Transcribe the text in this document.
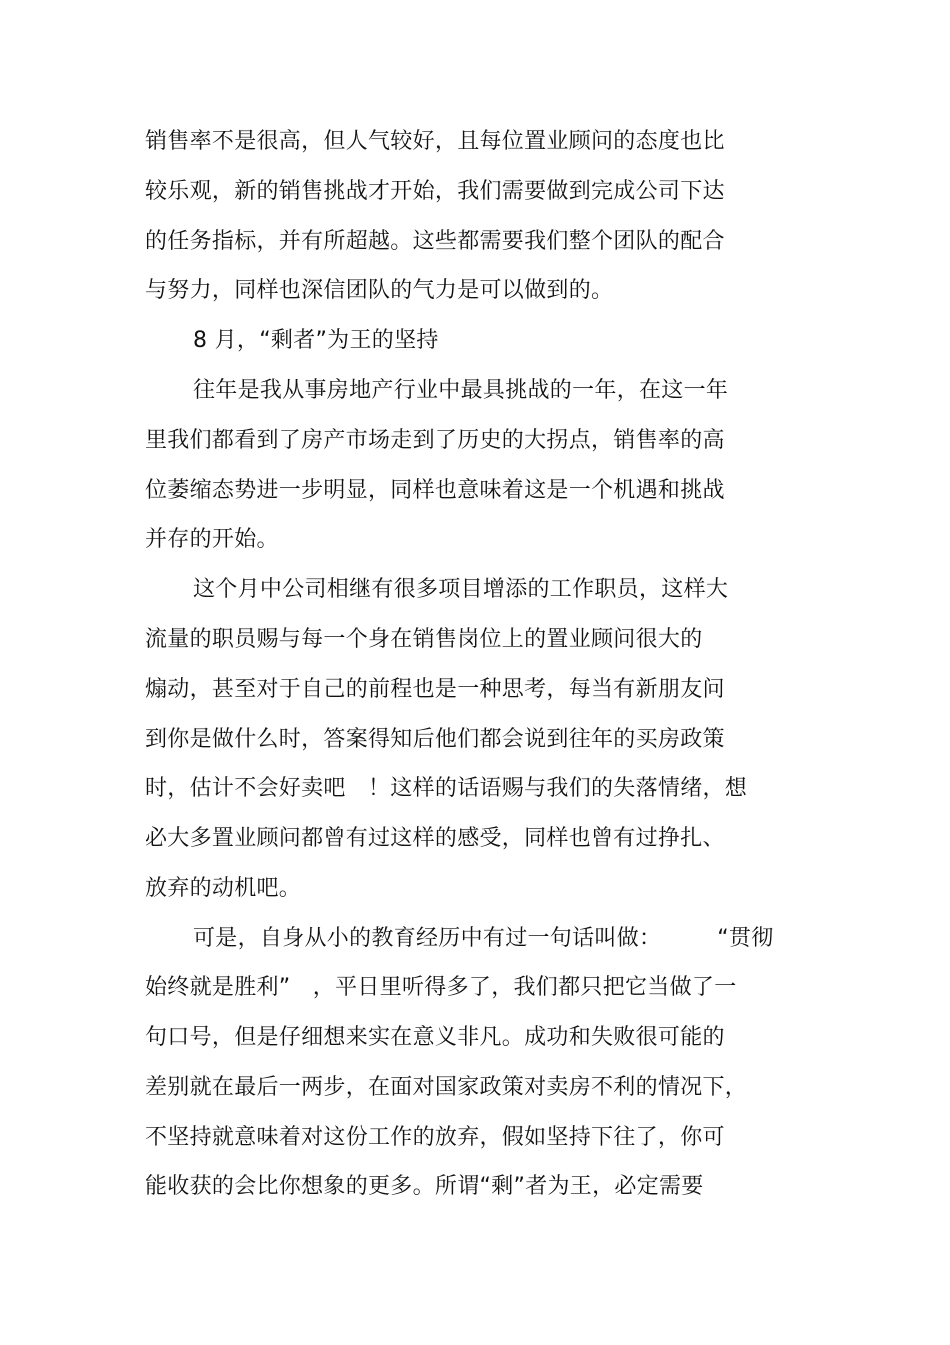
销售率不是很高，但人气较好，且每位置业顾问的态度也比
较乐观，新的销售挑战才开始，我们需要做到完成公司下达
的任务指标，并有所超越。这些都需要我们整个团队的配合
与努力，同样也深信团队的气力是可以做到的。
8 月，“剩者”为王的坚持
往年是我从事房地产行业中最具挑战的一年，在这一年
里我们都看到了房产市场走到了历史的大拐点，销售率的高
位萎缩态势进一步明显，同样也意味着这是一个机遇和挑战
并存的开始。
这个月中公司相继有很多项目增添的工作职员，这样大
流量的职员赐与每一个身在销售岗位上的置业顾问很大的
煽动，甚至对于自己的前程也是一种思考，每当有新朋友问
到你是做什么时，答案得知后他们都会说到往年的买房政策
时，估计不会好卖吧　！这样的话语赐与我们的失落情绪，想
必大多置业顾问都曾有过这样的感受，同样也曾有过挣扎、
放弃的动机吧。
可是，自身从小的教育经历中有过一句话叫做：　　　“贯彻
始终就是胜利”　，平日里听得多了，我们都只把它当做了一
句口号，但是仔细想来实在意义非凡。成功和失败很可能的
差别就在最后一两步，在面对国家政策对卖房不利的情况下，
不坚持就意味着对这份工作的放弃，假如坚持下往了，你可
能收获的会比你想象的更多。所谓“剩”者为王，必定需要
